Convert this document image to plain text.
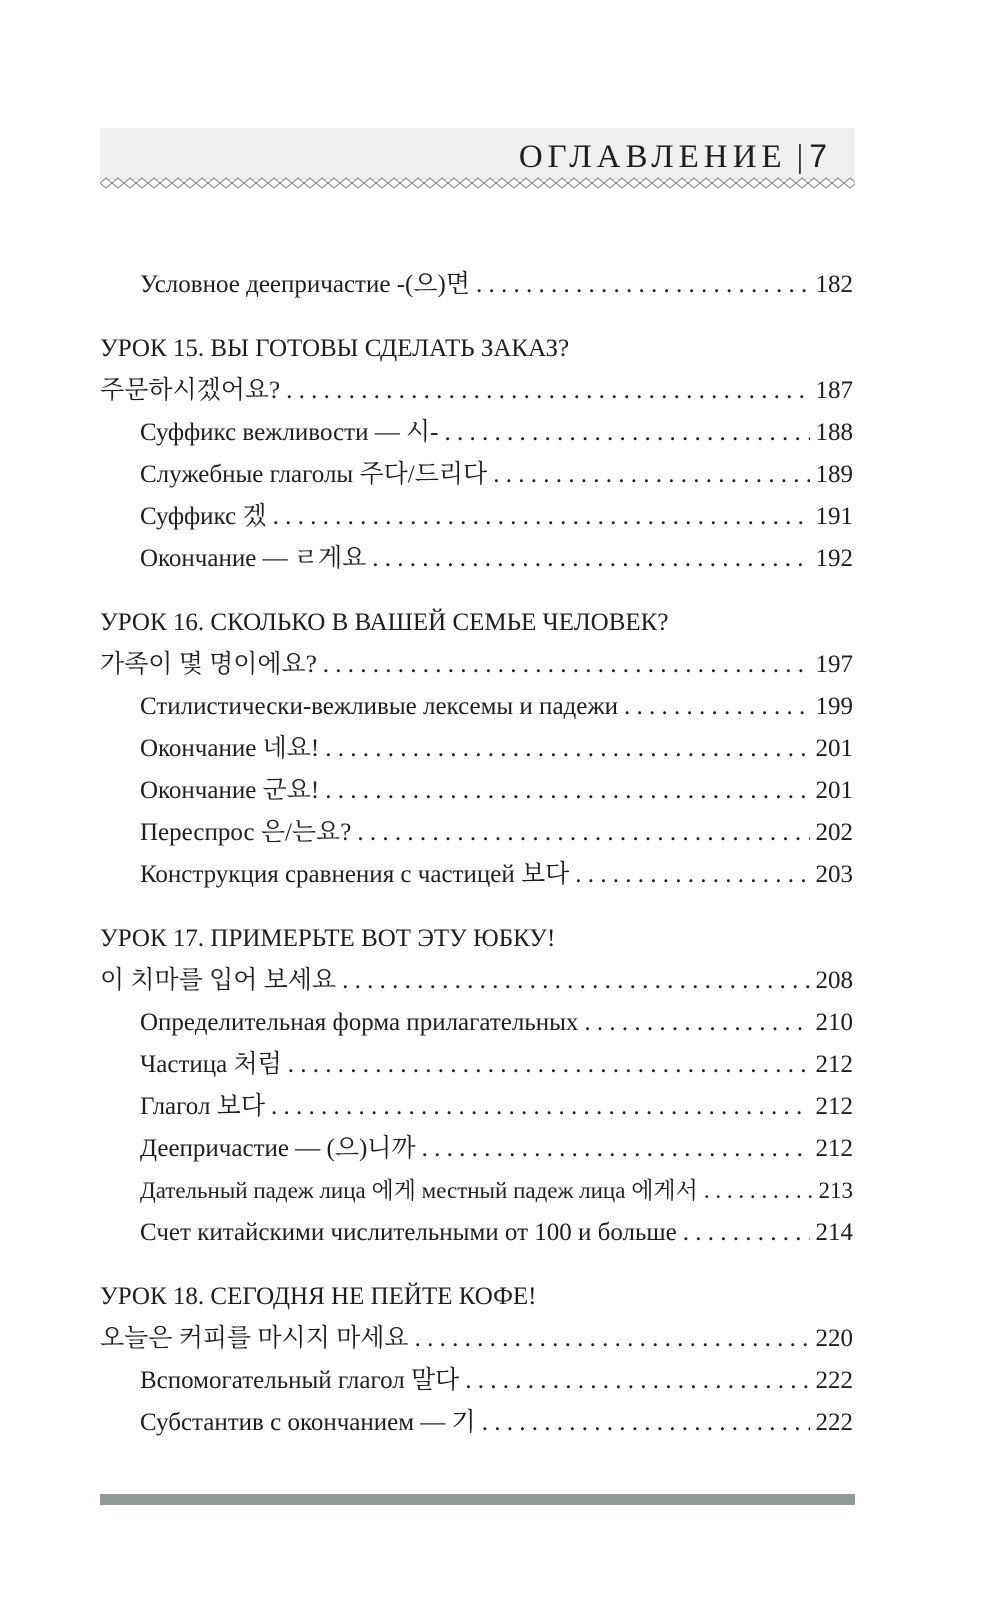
ОГЛАВЛЕНИЕ | 7
Условное деепричастие -(으)면 . . .	182
УРОК 15. ВЫ ГОТОВЫ СДЕЛАТЬ ЗАКАЗ?
주문하시겠어요? . . .	187
Суффикс вежливости — 시- . . .	188
Служебные глаголы 주다/드리다 . . .	189
Суффикс 겠 . . .	191
Окончание — ㄹ게요 . . .	192
УРОК 16. СКОЛЬКО В ВАШЕЙ СЕМЬЕ ЧЕЛОВЕК?
가족이 몇 명이에요? . . .	197
Стилистически-вежливые лексемы и падежи . . .	199
Окончание 네요! . . .	201
Окончание 군요! . . .	201
Переспрос 은/는요? . . .	202
Конструкция сравнения с частицей 보다 . . .	203
УРОК 17. ПРИМЕРЬТЕ ВОТ ЭТУ ЮБКУ!
이 치마를 입어 보세요 . . .	208
Определительная форма прилагательных . . .	210
Частица 처럼 . . .	212
Глагол 보다 . . .	212
Деепричастие — (으)니까 . . .	212
Дательный падеж лица 에게 местный падеж лица 에게서 . . .	213
Счет китайскими числительными от 100 и больше . . .	214
УРОК 18. СЕГОДНЯ НЕ ПЕЙТЕ КОФЕ!
오늘은 커피를 마시지 마세요 . . .	220
Вспомогательный глагол 말다 . . .	222
Субстантив с окончанием — 기 . . .	222
